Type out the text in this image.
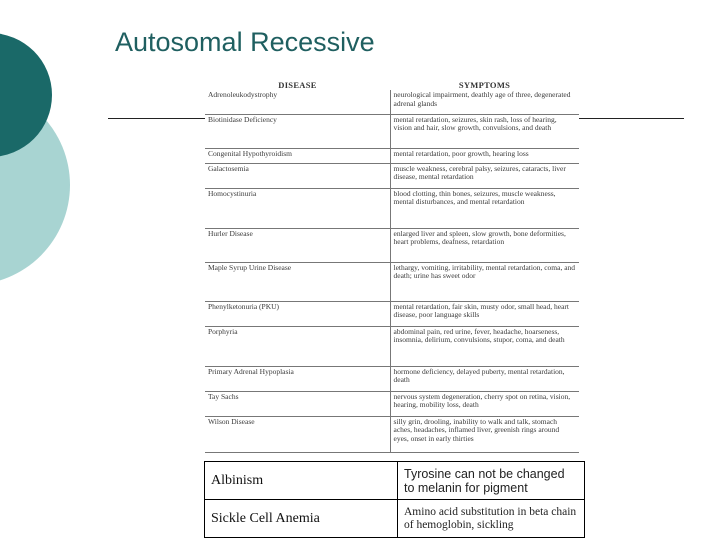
Autosomal Recessive
DISEASE	SYMPTOMS
Adrenoleukodystrophy	neurological impairment, deathly age of three, degenerated adrenal glands
Biotinidase Deficiency	mental retardation, seizures, skin rash, loss of hearing, vision and hair, slow growth, convulsions, and death
Congenital Hypothyroidism	mental retardation, poor growth, hearing loss
Galactosemia	muscle weakness, cerebral palsy, seizures, cataracts, liver disease, mental retardation
Homocystinuria	blood clotting, thin bones, seizures, muscle weakness, mental disturbances, and mental retardation
Hurler Disease	enlarged liver and spleen, slow growth, bone deformities, heart problems, deafness, retardation
Maple Syrup Urine Disease	lethargy, vomiting, irritability, mental retardation, coma, and death; urine has sweet odor
Phenylketonuria (PKU)	mental retardation, fair skin, musty odor, small head, heart disease, poor language skills
Porphyria	abdominal pain, red urine, fever, headache, hoarseness, insomnia, delirium, convulsions, stupor, coma, and death
Primary Adrenal Hypoplasia	hormone deficiency, delayed puberty, mental retardation, death
Tay Sachs	nervous system degeneration, cherry spot on retina, vision, hearing, mobility loss, death
Wilson Disease	silly grin, drooling, inability to walk and talk, stomach aches, headaches, inflamed liver, greenish rings around eyes, onset in early thirties
Albinism	Tyrosine can not be changed to melanin for pigment
Sickle Cell Anemia	Amino acid substitution in beta chain of hemoglobin, sickling
